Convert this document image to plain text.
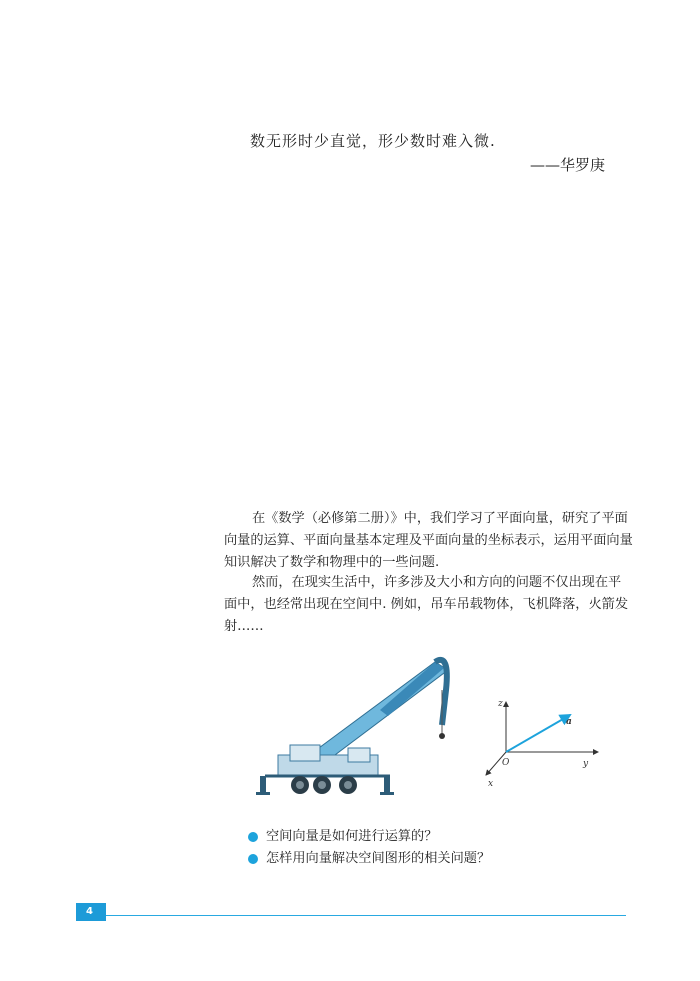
数无形时少直觉，形少数时难入微.
——华罗庚
在《数学（必修第二册）》中，我们学习了平面向量，研究了平面向量的运算、平面向量基本定理及平面向量的坐标表示，运用平面向量知识解决了数学和物理中的一些问题.
然而，在现实生活中，许多涉及大小和方向的问题不仅出现在平面中，也经常出现在空间中. 例如，吊车吊载物体，飞机降落，火箭发射……
z
y
x
O
a
空间向量是如何进行运算的？
怎样用向量解决空间图形的相关问题？
4
